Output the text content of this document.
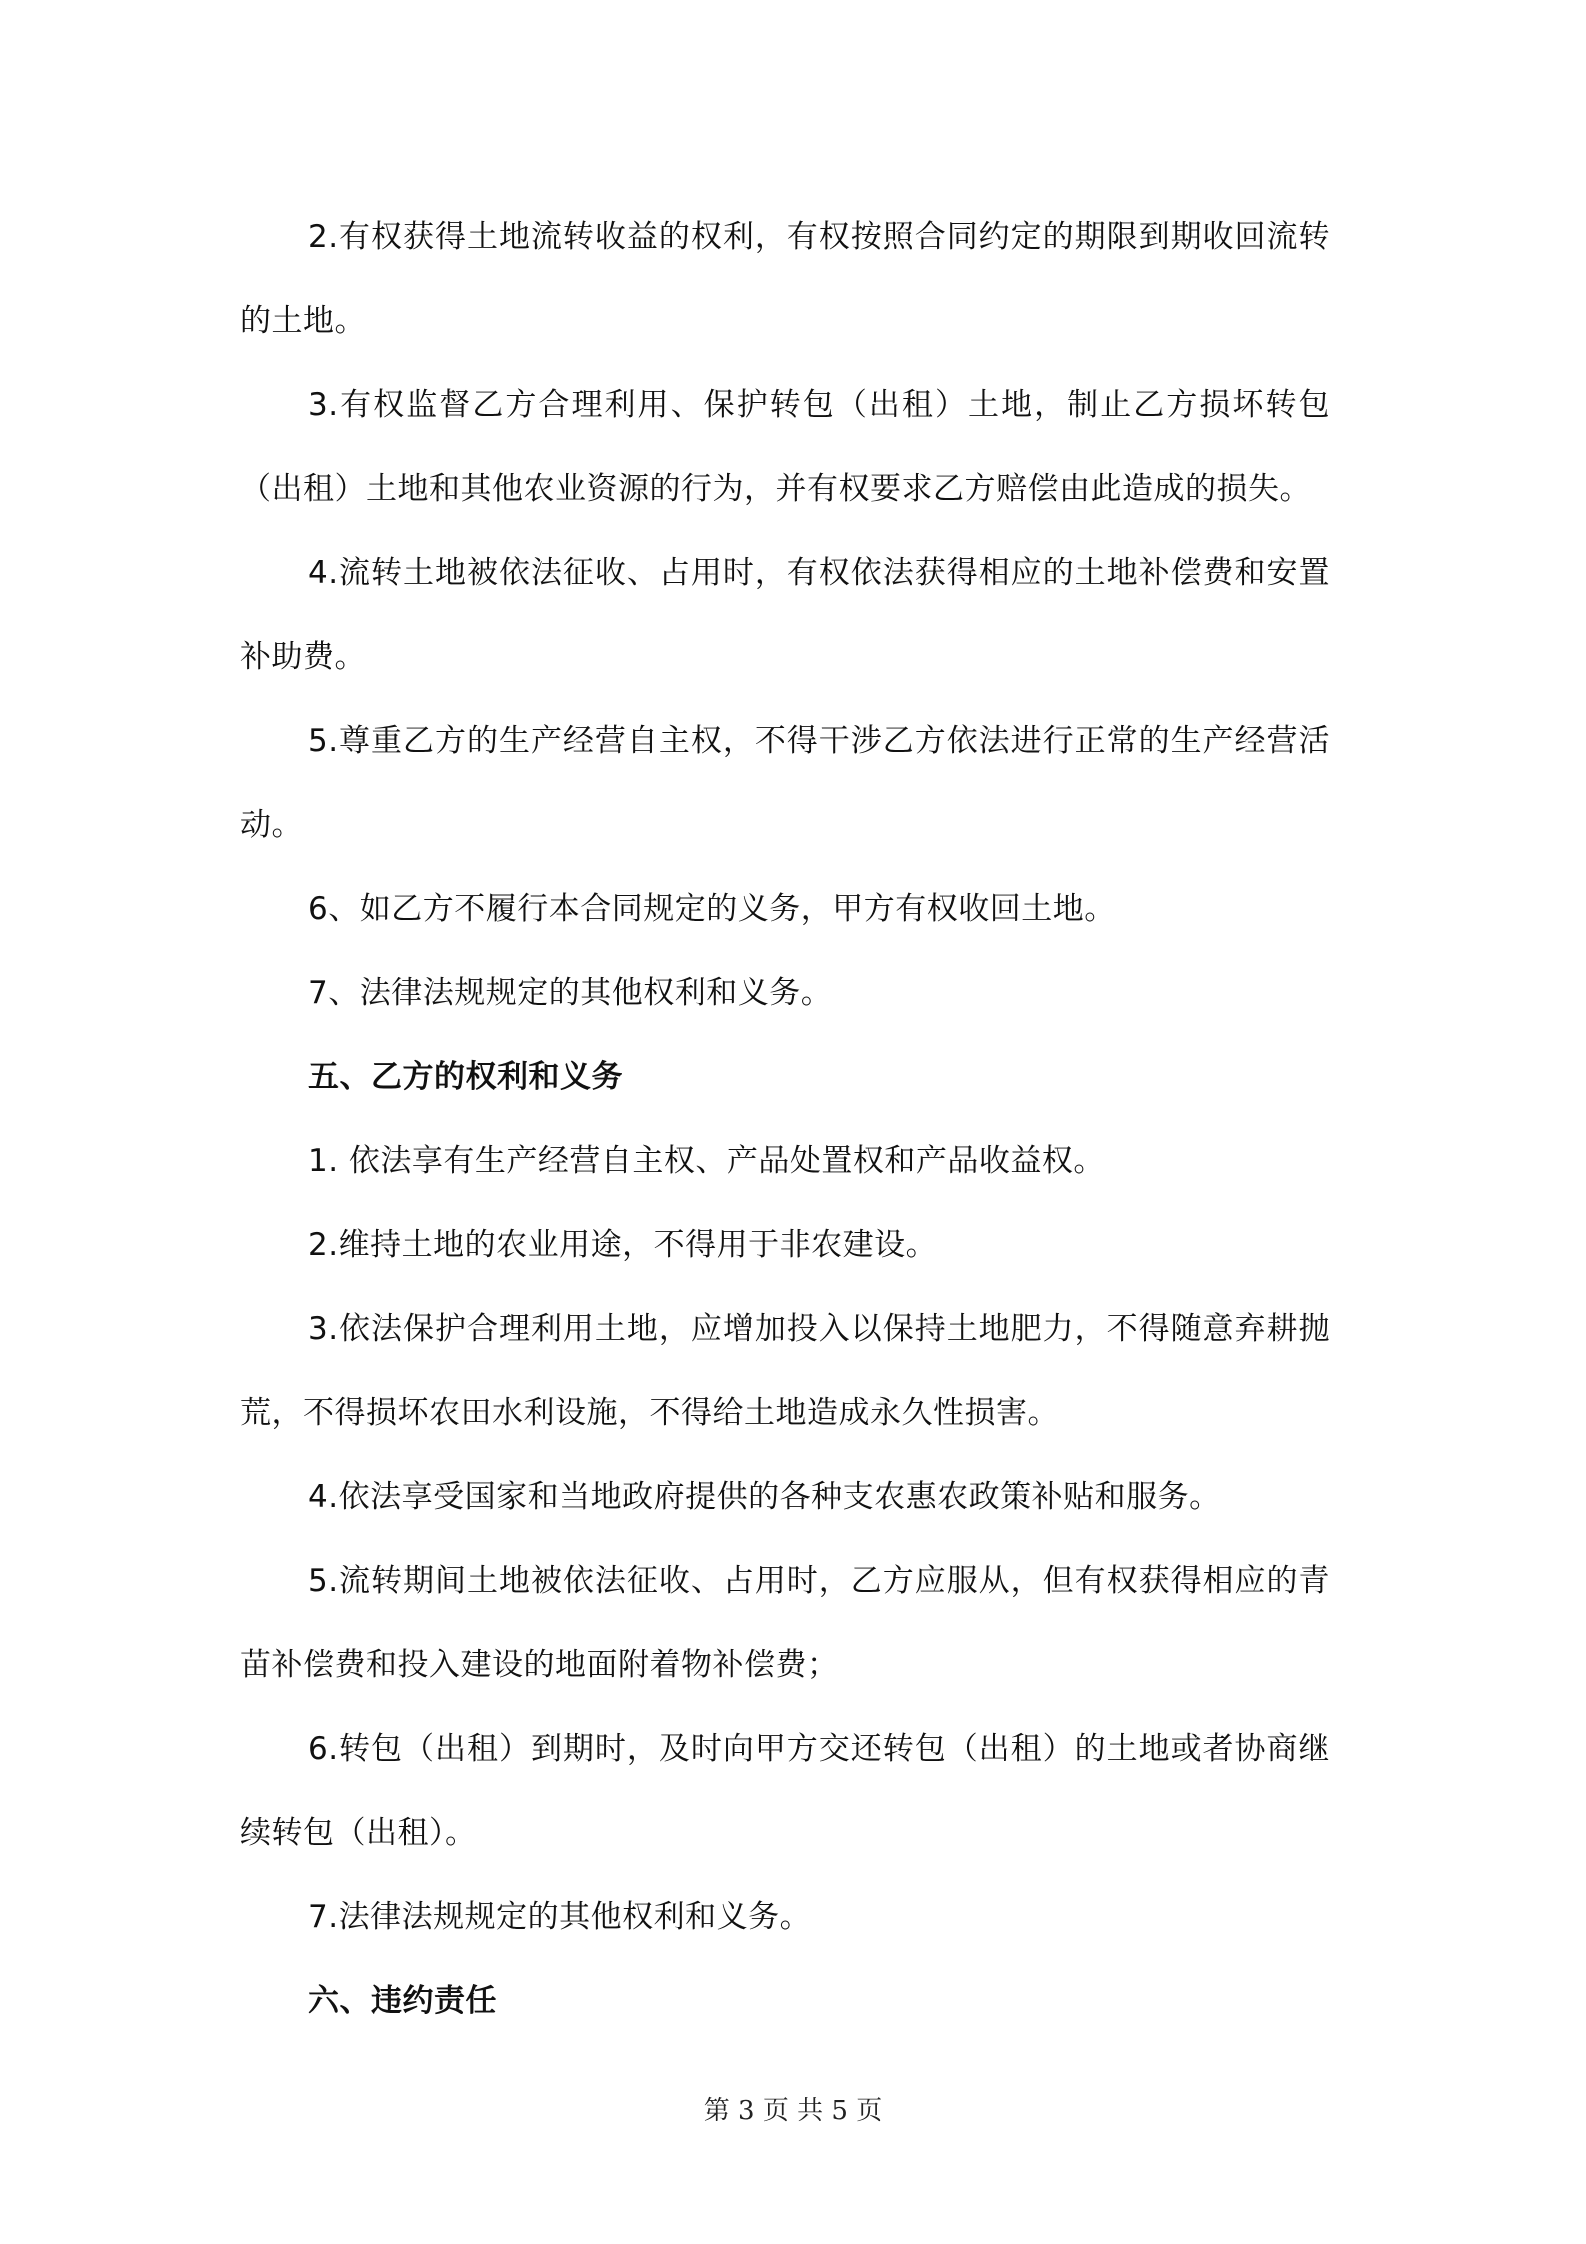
2.有权获得土地流转收益的权利，有权按照合同约定的期限到期收回流转的土地。

3.有权监督乙方合理利用、保护转包（出租）土地，制止乙方损坏转包（出租）土地和其他农业资源的行为，并有权要求乙方赔偿由此造成的损失。

4.流转土地被依法征收、占用时，有权依法获得相应的土地补偿费和安置补助费。

5.尊重乙方的生产经营自主权，不得干涉乙方依法进行正常的生产经营活动。

6、如乙方不履行本合同规定的义务，甲方有权收回土地。

7、法律法规规定的其他权利和义务。

五、乙方的权利和义务

1. 依法享有生产经营自主权、产品处置权和产品收益权。

2.维持土地的农业用途，不得用于非农建设。

3.依法保护合理利用土地，应增加投入以保持土地肥力，不得随意弃耕抛荒，不得损坏农田水利设施，不得给土地造成永久性损害。

4.依法享受国家和当地政府提供的各种支农惠农政策补贴和服务。

5.流转期间土地被依法征收、占用时，乙方应服从，但有权获得相应的青苗补偿费和投入建设的地面附着物补偿费；

6.转包（出租）到期时，及时向甲方交还转包（出租）的土地或者协商继续转包（出租）。

7.法律法规规定的其他权利和义务。

六、违约责任

第 3 页 共 5 页
